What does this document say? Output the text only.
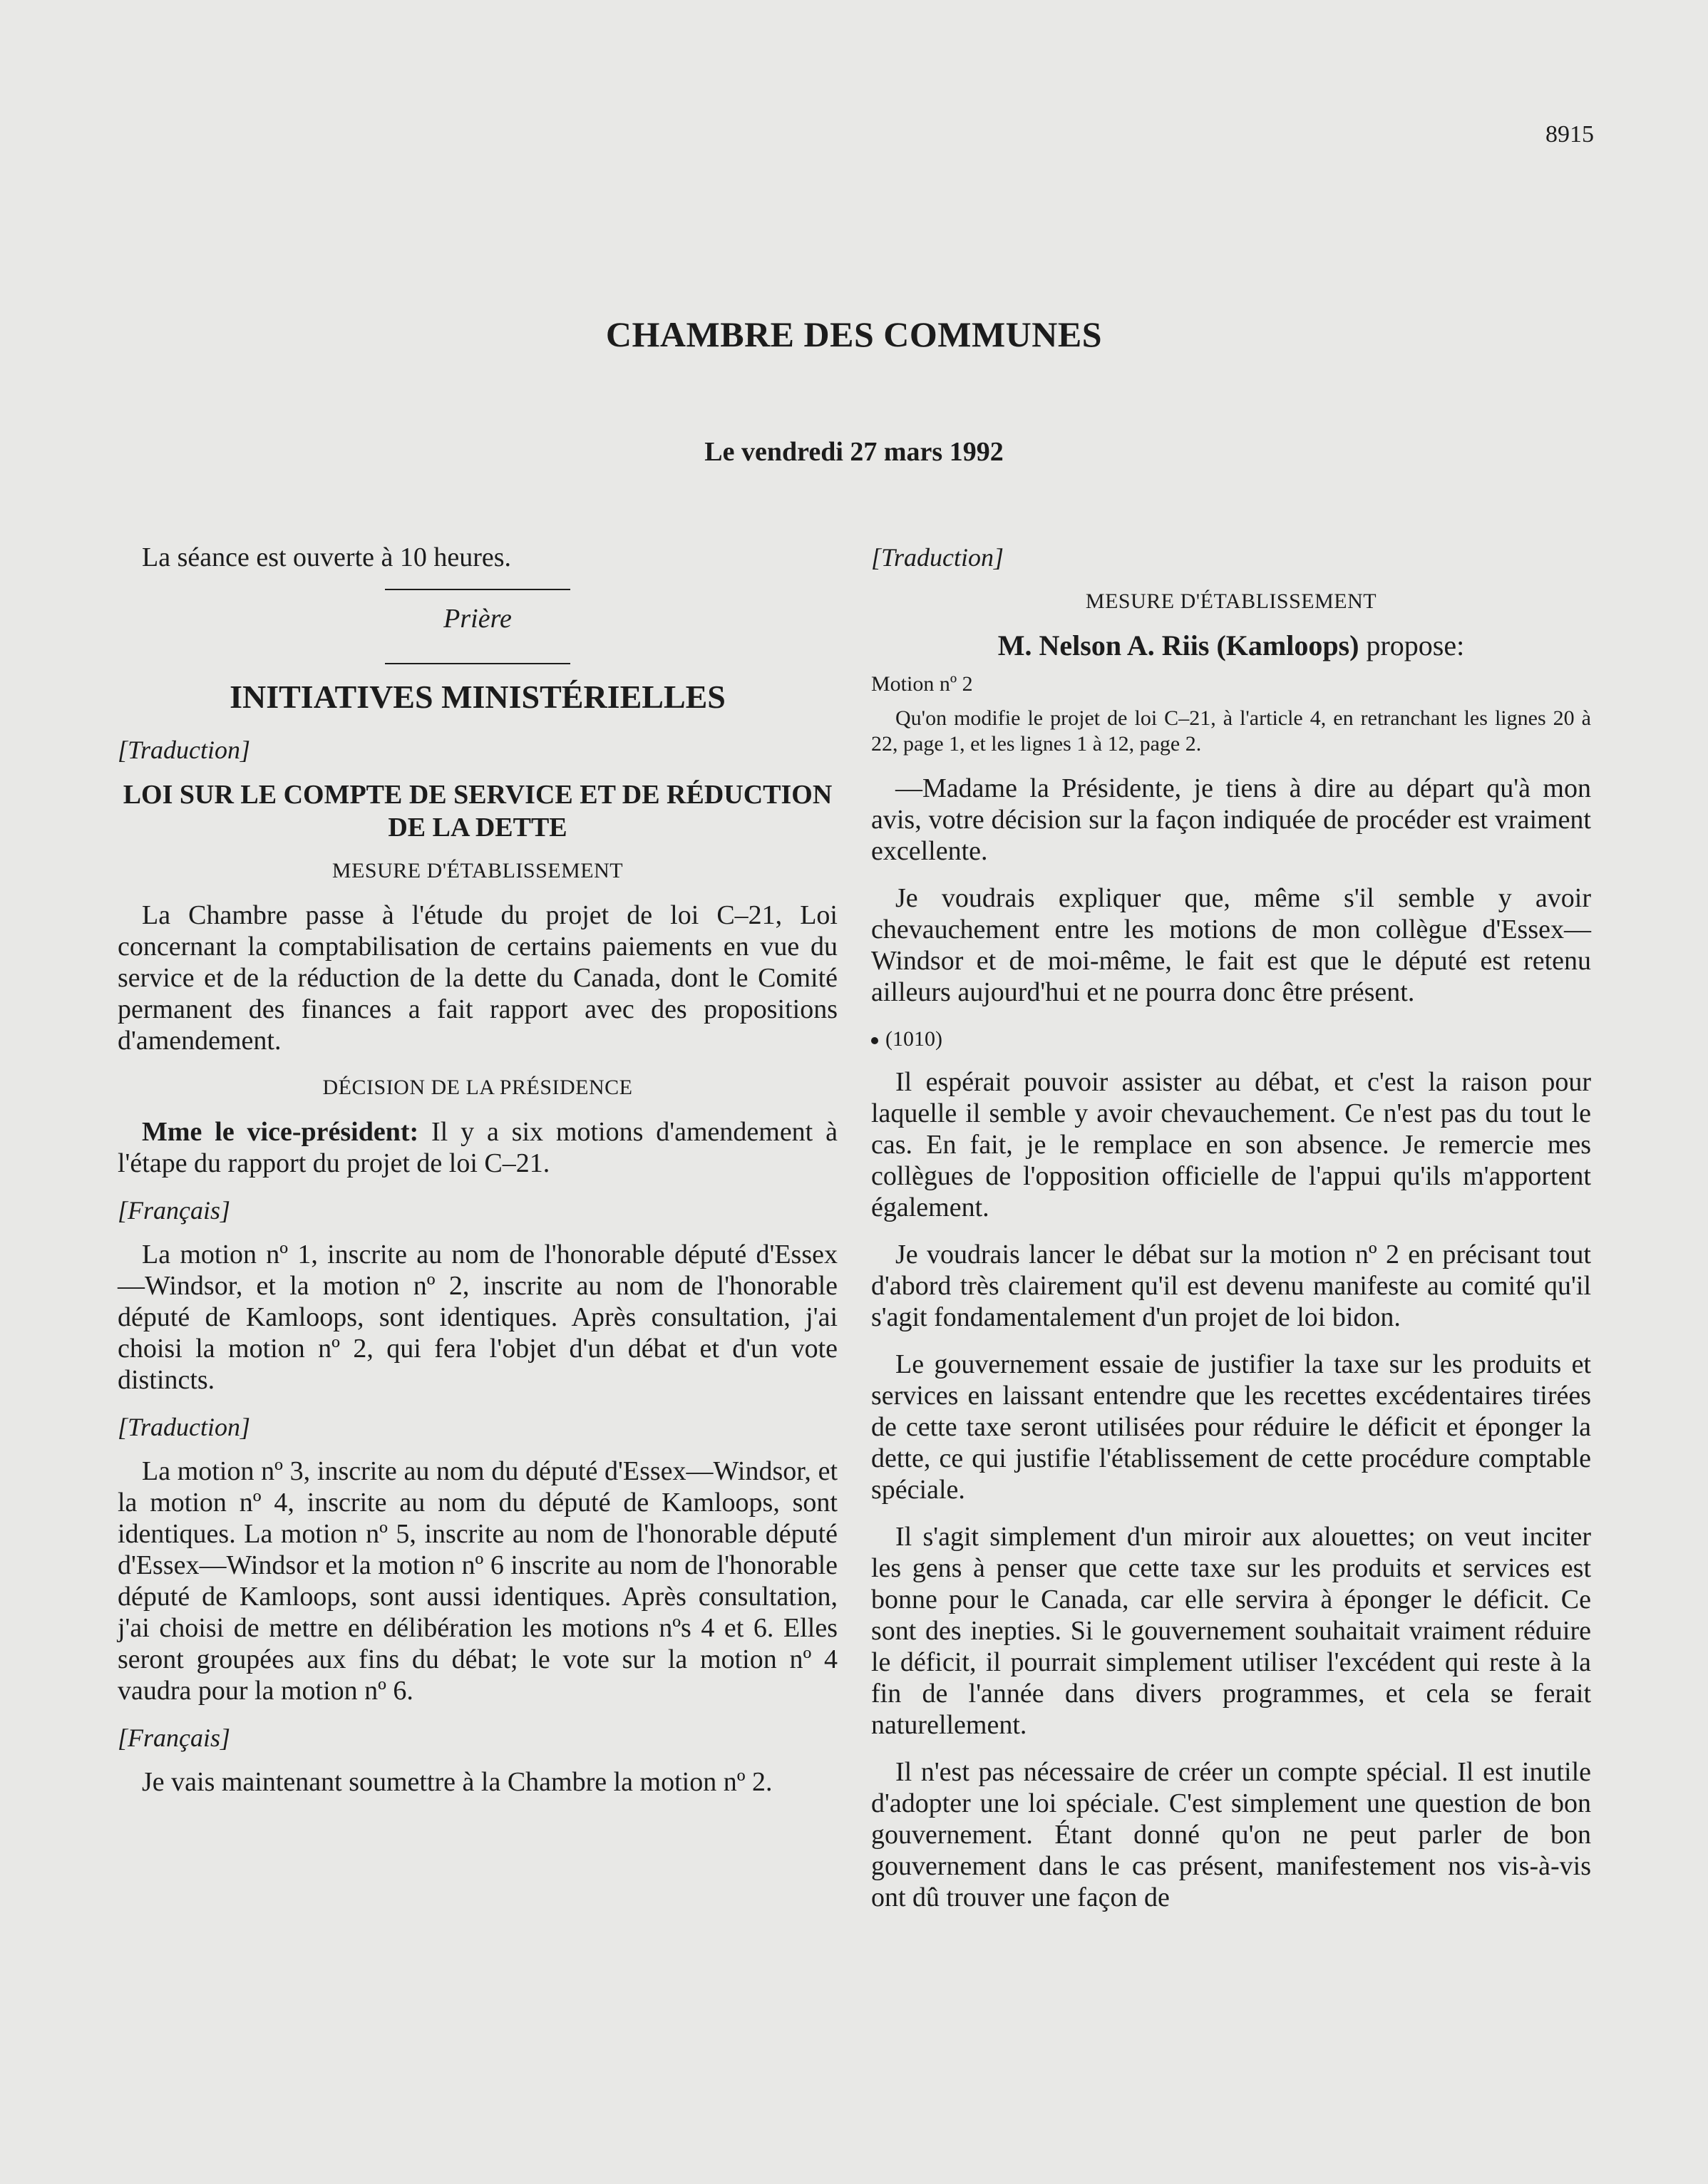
8915
CHAMBRE DES COMMUNES
Le vendredi 27 mars 1992

La séance est ouverte à 10 heures.

Prière

INITIATIVES MINISTÉRIELLES
[Traduction]
LOI SUR LE COMPTE DE SERVICE ET DE RÉDUCTION DE LA DETTE
MESURE D'ÉTABLISSEMENT

La Chambre passe à l'étude du projet de loi C–21, Loi concernant la comptabilisation de certains paiements en vue du service et de la réduction de la dette du Canada, dont le Comité permanent des finances a fait rapport avec des propositions d'amendement.

DÉCISION DE LA PRÉSIDENCE

Mme le vice-président: Il y a six motions d'amendement à l'étape du rapport du projet de loi C–21.

[Français]

La motion nº 1, inscrite au nom de l'honorable député d'Essex—Windsor, et la motion nº 2, inscrite au nom de l'honorable député de Kamloops, sont identiques. Après consultation, j'ai choisi la motion nº 2, qui fera l'objet d'un débat et d'un vote distincts.

[Traduction]

La motion nº 3, inscrite au nom du député d'Essex—Windsor, et la motion nº 4, inscrite au nom du député de Kamloops, sont identiques. La motion nº 5, inscrite au nom de l'honorable député d'Essex—Windsor et la motion nº 6 inscrite au nom de l'honorable député de Kamloops, sont aussi identiques. Après consultation, j'ai choisi de mettre en délibération les motions nºs 4 et 6. Elles seront groupées aux fins du débat; le vote sur la motion nº 4 vaudra pour la motion nº 6.

[Français]

Je vais maintenant soumettre à la Chambre la motion nº 2.

[Traduction]
MESURE D'ÉTABLISSEMENT

M. Nelson A. Riis (Kamloops) propose:

Motion nº 2

Qu'on modifie le projet de loi C–21, à l'article 4, en retranchant les lignes 20 à 22, page 1, et les lignes 1 à 12, page 2.

—Madame la Présidente, je tiens à dire au départ qu'à mon avis, votre décision sur la façon indiquée de procéder est vraiment excellente.

Je voudrais expliquer que, même s'il semble y avoir chevauchement entre les motions de mon collègue d'Essex—Windsor et de moi-même, le fait est que le député est retenu ailleurs aujourd'hui et ne pourra donc être présent.

(1010)

Il espérait pouvoir assister au débat, et c'est la raison pour laquelle il semble y avoir chevauchement. Ce n'est pas du tout le cas. En fait, je le remplace en son absence. Je remercie mes collègues de l'opposition officielle de l'appui qu'ils m'apportent également.

Je voudrais lancer le débat sur la motion nº 2 en précisant tout d'abord très clairement qu'il est devenu manifeste au comité qu'il s'agit fondamentalement d'un projet de loi bidon.

Le gouvernement essaie de justifier la taxe sur les produits et services en laissant entendre que les recettes excédentaires tirées de cette taxe seront utilisées pour réduire le déficit et éponger la dette, ce qui justifie l'établissement de cette procédure comptable spéciale.

Il s'agit simplement d'un miroir aux alouettes; on veut inciter les gens à penser que cette taxe sur les produits et services est bonne pour le Canada, car elle servira à éponger le déficit. Ce sont des inepties. Si le gouvernement souhaitait vraiment réduire le déficit, il pourrait simplement utiliser l'excédent qui reste à la fin de l'année dans divers programmes, et cela se ferait naturellement.

Il n'est pas nécessaire de créer un compte spécial. Il est inutile d'adopter une loi spéciale. C'est simplement une question de bon gouvernement. Étant donné qu'on ne peut parler de bon gouvernement dans le cas présent, manifestement nos vis-à-vis ont dû trouver une façon de
